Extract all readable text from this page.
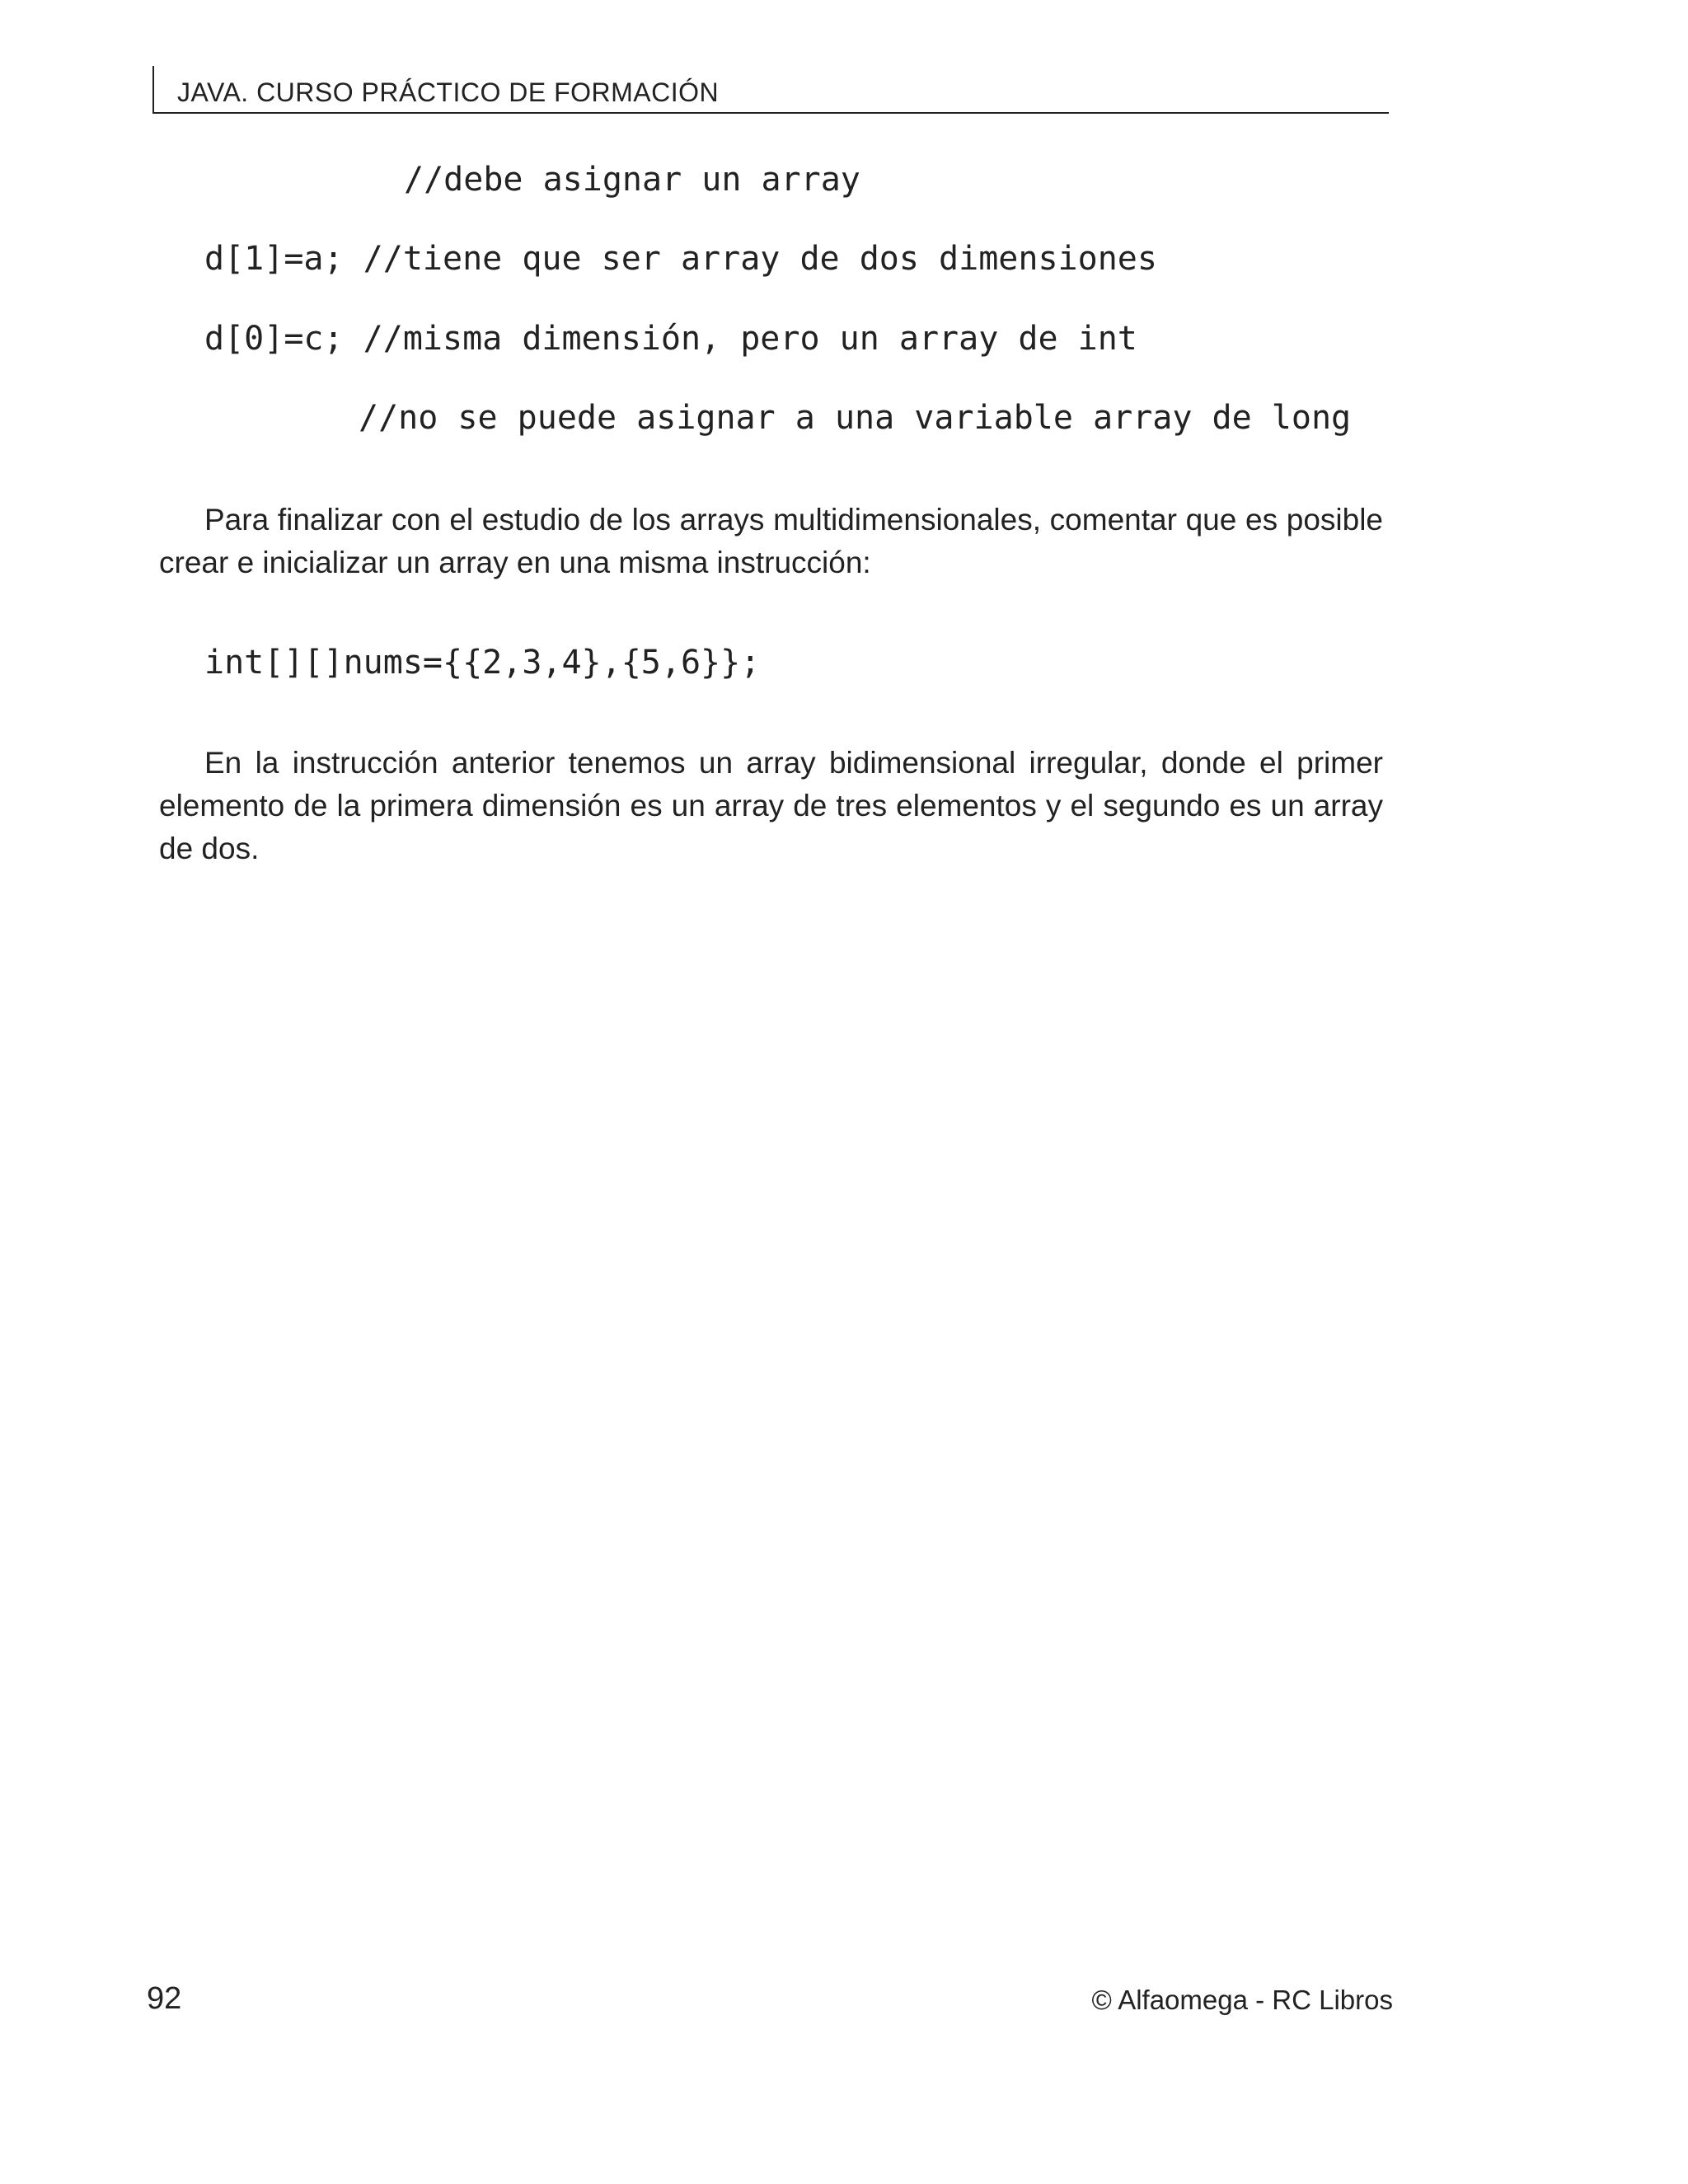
JAVA. CURSO PRÁCTICO DE FORMACIÓN
//debe asignar un array
d[1]=a; //tiene que ser array de dos dimensiones
d[0]=c; //misma dimensión, pero un array de int
//no se puede asignar a una variable array de long

Para finalizar con el estudio de los arrays multidimensionales, comentar que es posible crear e inicializar un array en una misma instrucción:

int[][]nums={{2,3,4},{5,6}};

En la instrucción anterior tenemos un array bidimensional irregular, donde el primer elemento de la primera dimensión es un array de tres elementos y el segundo es un array de dos.

92	© Alfaomega - RC Libros
